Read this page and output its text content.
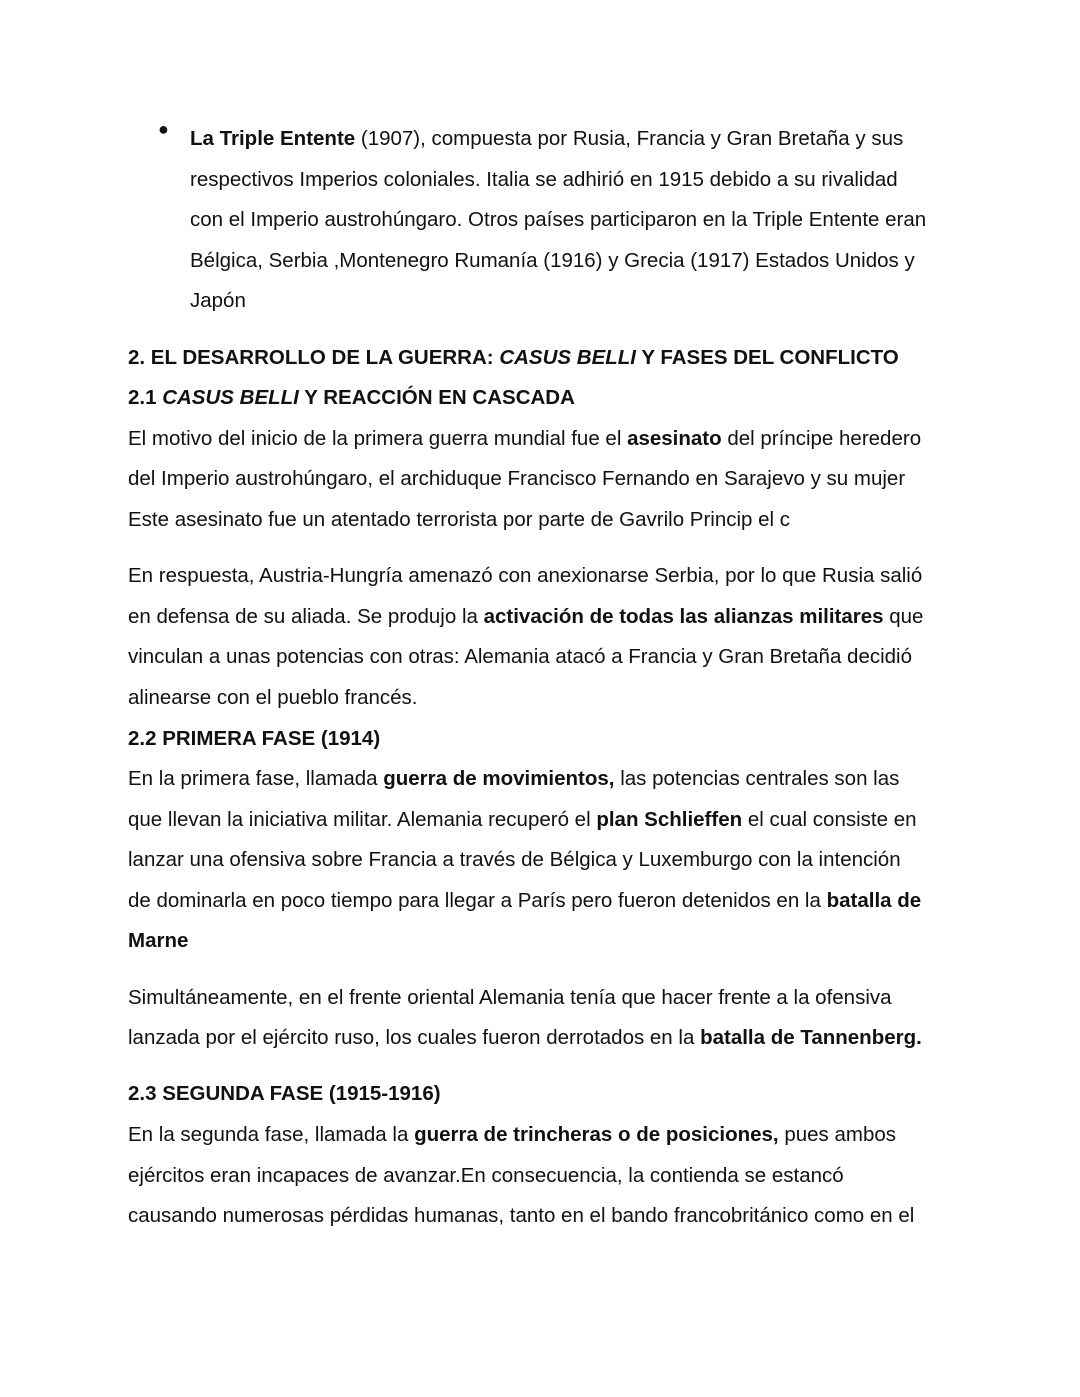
● La Triple Entente (1907), compuesta por Rusia, Francia y Gran Bretaña y sus
respectivos Imperios coloniales. Italia se adhirió en 1915 debido a su rivalidad
con el Imperio austrohúngaro. Otros países participaron en la Triple Entente eran
Bélgica, Serbia ,Montenegro Rumanía (1916) y Grecia (1917) Estados Unidos y
Japón
2. EL DESARROLLO DE LA GUERRA: CASUS BELLI Y FASES DEL CONFLICTO
2.1 CASUS BELLI Y REACCIÓN EN CASCADA
El motivo del inicio de la primera guerra mundial fue el asesinato del príncipe heredero
del Imperio austrohúngaro, el archiduque Francisco Fernando en Sarajevo y su mujer
Este asesinato fue un atentado terrorista por parte de Gavrilo Princip el c
En respuesta, Austria-Hungría amenazó con anexionarse Serbia, por lo que Rusia salió
en defensa de su aliada. Se produjo la activación de todas las alianzas militares que
vinculan a unas potencias con otras: Alemania atacó a Francia y Gran Bretaña decidió
alinearse con el pueblo francés.
2.2 PRIMERA FASE (1914)
En la primera fase, llamada guerra de movimientos, las potencias centrales son las
que llevan la iniciativa militar. Alemania recuperó el plan Schlieffen el cual consiste en
lanzar una ofensiva sobre Francia a través de Bélgica y Luxemburgo con la intención
de dominarla en poco tiempo para llegar a París pero fueron detenidos en la batalla de
Marne
Simultáneamente, en el frente oriental Alemania tenía que hacer frente a la ofensiva
lanzada por el ejército ruso, los cuales fueron derrotados en la batalla de Tannenberg.
2.3 SEGUNDA FASE (1915-1916)
En la segunda fase, llamada la guerra de trincheras o de posiciones, pues ambos
ejércitos eran incapaces de avanzar.En consecuencia, la contienda se estancó
causando numerosas pérdidas humanas, tanto en el bando francobritánico como en el
